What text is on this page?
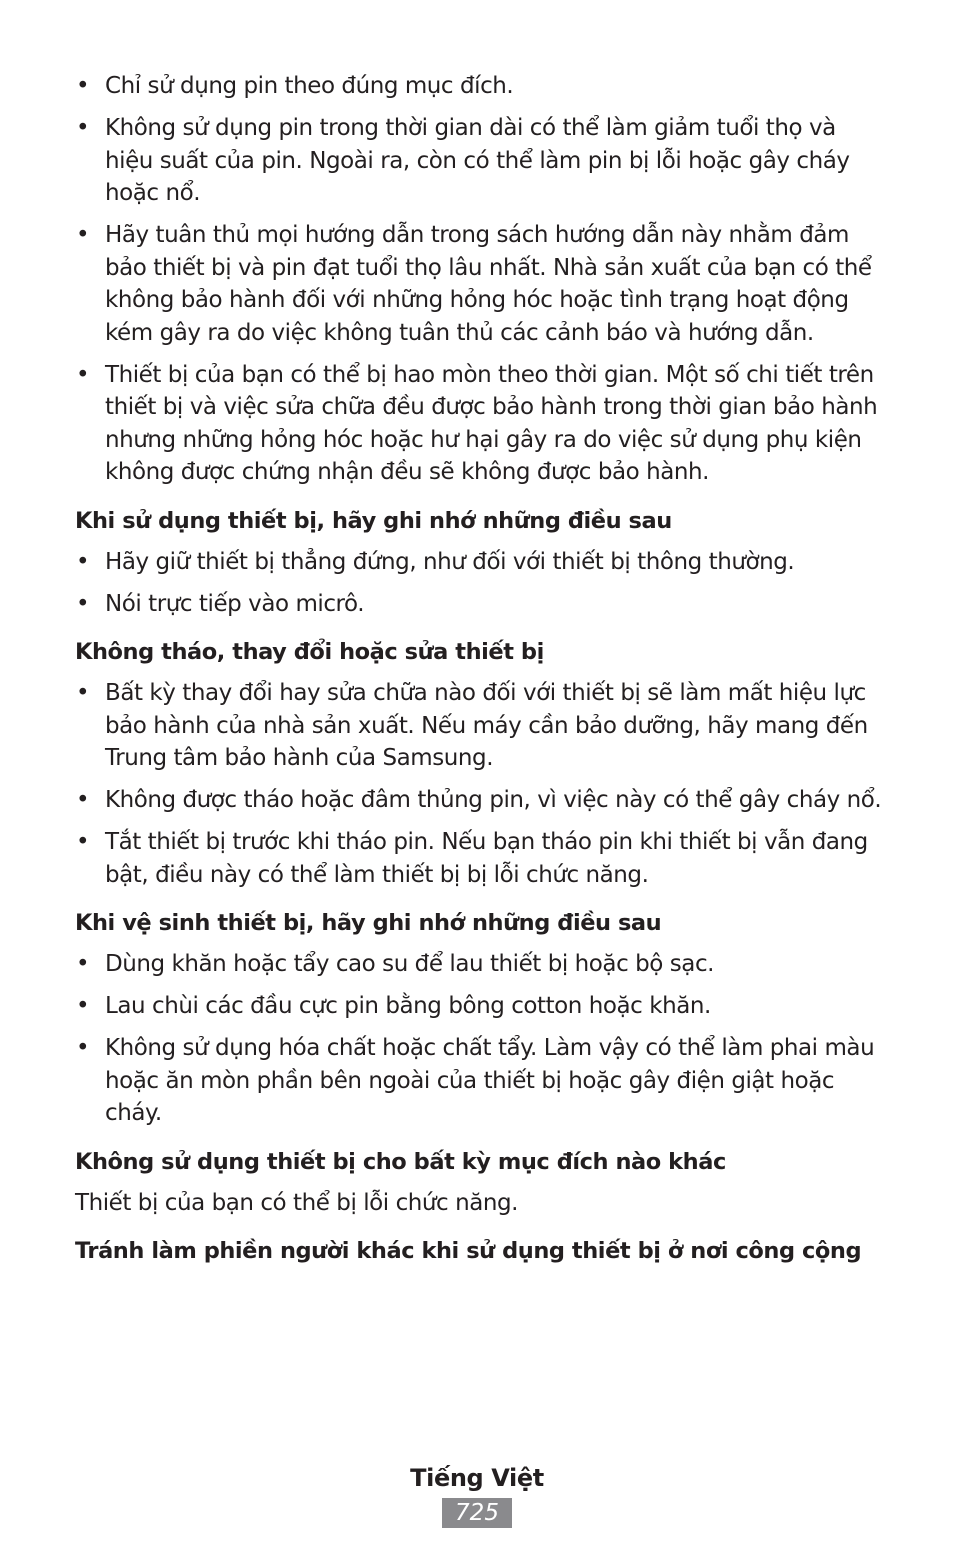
• Chỉ sử dụng pin theo đúng mục đích.
• Không sử dụng pin trong thời gian dài có thể làm giảm tuổi thọ và hiệu suất của pin. Ngoài ra, còn có thể làm pin bị lỗi hoặc gây cháy hoặc nổ.
• Hãy tuân thủ mọi hướng dẫn trong sách hướng dẫn này nhằm đảm bảo thiết bị và pin đạt tuổi thọ lâu nhất. Nhà sản xuất của bạn có thể không bảo hành đối với những hỏng hóc hoặc tình trạng hoạt động kém gây ra do việc không tuân thủ các cảnh báo và hướng dẫn.
• Thiết bị của bạn có thể bị hao mòn theo thời gian. Một số chi tiết trên thiết bị và việc sửa chữa đều được bảo hành trong thời gian bảo hành nhưng những hỏng hóc hoặc hư hại gây ra do việc sử dụng phụ kiện không được chứng nhận đều sẽ không được bảo hành.
Khi sử dụng thiết bị, hãy ghi nhớ những điều sau
• Hãy giữ thiết bị thẳng đứng, như đối với thiết bị thông thường.
• Nói trực tiếp vào micrô.
Không tháo, thay đổi hoặc sửa thiết bị
• Bất kỳ thay đổi hay sửa chữa nào đối với thiết bị sẽ làm mất hiệu lực bảo hành của nhà sản xuất. Nếu máy cần bảo dưỡng, hãy mang đến Trung tâm bảo hành của Samsung.
• Không được tháo hoặc đâm thủng pin, vì việc này có thể gây cháy nổ.
• Tắt thiết bị trước khi tháo pin. Nếu bạn tháo pin khi thiết bị vẫn đang bật, điều này có thể làm thiết bị bị lỗi chức năng.
Khi vệ sinh thiết bị, hãy ghi nhớ những điều sau
• Dùng khăn hoặc tẩy cao su để lau thiết bị hoặc bộ sạc.
• Lau chùi các đầu cực pin bằng bông cotton hoặc khăn.
• Không sử dụng hóa chất hoặc chất tẩy. Làm vậy có thể làm phai màu hoặc ăn mòn phần bên ngoài của thiết bị hoặc gây điện giật hoặc cháy.
Không sử dụng thiết bị cho bất kỳ mục đích nào khác

Thiết bị của bạn có thể bị lỗi chức năng.

Tránh làm phiền người khác khi sử dụng thiết bị ở nơi công cộng
Tiếng Việt
725
